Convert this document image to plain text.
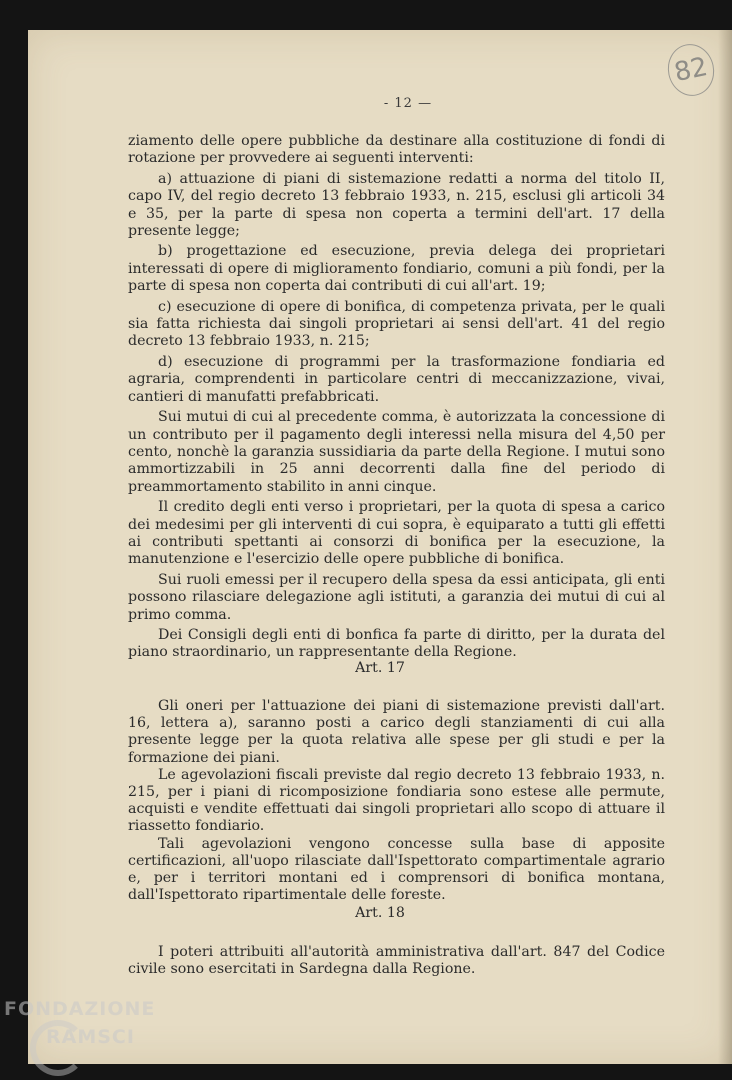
82
- 12 —

ziamento delle opere pubbliche da destinare alla costituzione di fondi di rotazione per provvedere ai seguenti interventi:

a) attuazione di piani di sistemazione redatti a norma del titolo II, capo IV, del regio decreto 13 febbraio 1933, n. 215, esclusi gli articoli 34 e 35, per la parte di spesa non coperta a termini dell'art. 17 della presente legge;

b) progettazione ed esecuzione, previa delega dei proprietari interessati di opere di miglioramento fondiario, comuni a più fondi, per la parte di spesa non coperta dai contributi di cui all'art. 19;

c) esecuzione di opere di bonifica, di competenza privata, per le quali sia fatta richiesta dai singoli proprietari ai sensi dell'art. 41 del regio decreto 13 febbraio 1933, n. 215;

d) esecuzione di programmi per la trasformazione fondiaria ed agraria, comprendenti in particolare centri di meccanizzazione, vivai, cantieri di manufatti prefabbricati.

Sui mutui di cui al precedente comma, è autorizzata la concessione di un contributo per il pagamento degli interessi nella misura del 4,50 per cento, nonchè la garanzia sussidiaria da parte della Regione. I mutui sono ammortizzabili in 25 anni decorrenti dalla fine del periodo di preammortamento stabilito in anni cinque.

Il credito degli enti verso i proprietari, per la quota di spesa a carico dei medesimi per gli interventi di cui sopra, è equiparato a tutti gli effetti ai contributi spettanti ai consorzi di bonifica per la esecuzione, la manutenzione e l'esercizio delle opere pubbliche di bonifica.

Sui ruoli emessi per il recupero della spesa da essi anticipata, gli enti possono rilasciare delegazione agli istituti, a garanzia dei mutui di cui al primo comma.

Dei Consigli degli enti di bonfica fa parte di diritto, per la durata del piano straordinario, un rappresentante della Regione.

Art. 17

Gli oneri per l'attuazione dei piani di sistemazione previsti dall'art. 16, lettera a), saranno posti a carico degli stanziamenti di cui alla presente legge per la quota relativa alle spese per gli studi e per la formazione dei piani.

Le agevolazioni fiscali previste dal regio decreto 13 febbraio 1933, n. 215, per i piani di ricomposizione fondiaria sono estese alle permute, acquisti e vendite effettuati dai singoli proprietari allo scopo di attuare il riassetto fondiario.

Tali agevolazioni vengono concesse sulla base di apposite certificazioni, all'uopo rilasciate dall'Ispettorato compartimentale agrario e, per i territori montani ed i comprensori di bonifica montana, dall'Ispettorato ripartimentale delle foreste.

Art. 18

I poteri attribuiti all'autorità amministrativa dall'art. 847 del Codice civile sono esercitati in Sardegna dalla Regione.

FONDAZIONE
RAMSCI
